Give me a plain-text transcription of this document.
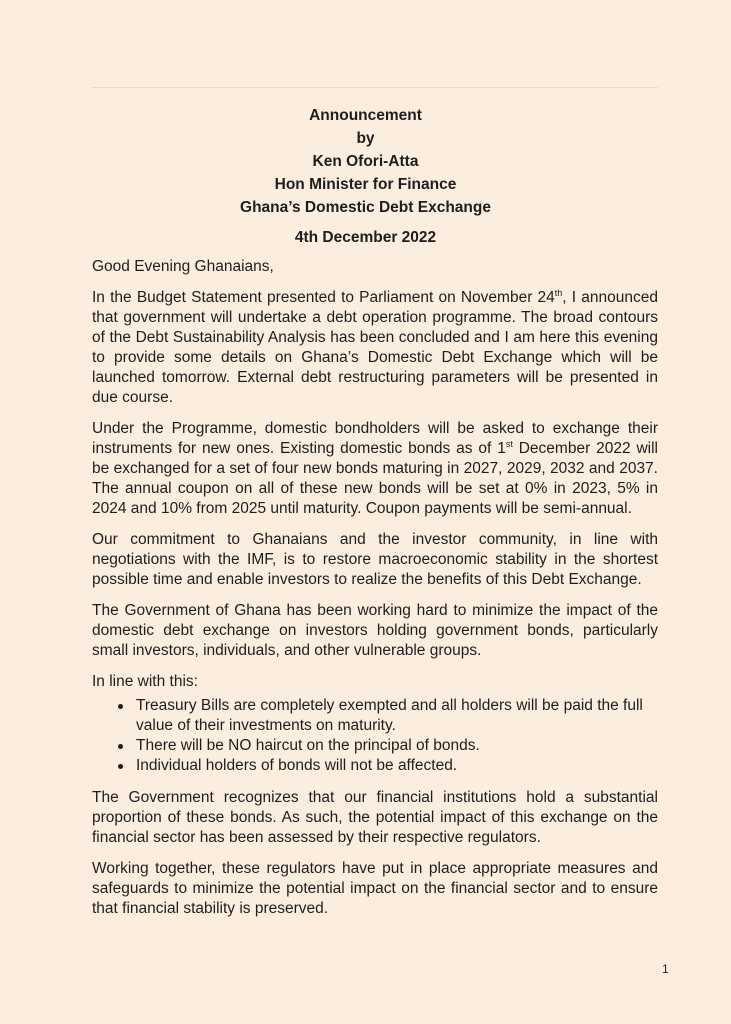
Announcement
by
Ken Ofori-Atta
Hon Minister for Finance
Ghana’s Domestic Debt Exchange
4th December 2022

Good Evening Ghanaians,

In the Budget Statement presented to Parliament on November 24th, I announced that government will undertake a debt operation programme. The broad contours of the Debt Sustainability Analysis has been concluded and I am here this evening to provide some details on Ghana’s Domestic Debt Exchange which will be launched tomorrow. External debt restructuring parameters will be presented in due course.

Under the Programme, domestic bondholders will be asked to exchange their instruments for new ones. Existing domestic bonds as of 1st December 2022 will be exchanged for a set of four new bonds maturing in 2027, 2029, 2032 and 2037. The annual coupon on all of these new bonds will be set at 0% in 2023, 5% in 2024 and 10% from 2025 until maturity. Coupon payments will be semi-annual.

Our commitment to Ghanaians and the investor community, in line with negotiations with the IMF, is to restore macroeconomic stability in the shortest possible time and enable investors to realize the benefits of this Debt Exchange.

The Government of Ghana has been working hard to minimize the impact of the domestic debt exchange on investors holding government bonds, particularly small investors, individuals, and other vulnerable groups.

In line with this:

Treasury Bills are completely exempted and all holders will be paid the full value of their investments on maturity.
There will be NO haircut on the principal of bonds.
Individual holders of bonds will not be affected.

The Government recognizes that our financial institutions hold a substantial proportion of these bonds. As such, the potential impact of this exchange on the financial sector has been assessed by their respective regulators.

Working together, these regulators have put in place appropriate measures and safeguards to minimize the potential impact on the financial sector and to ensure that financial stability is preserved.

1
